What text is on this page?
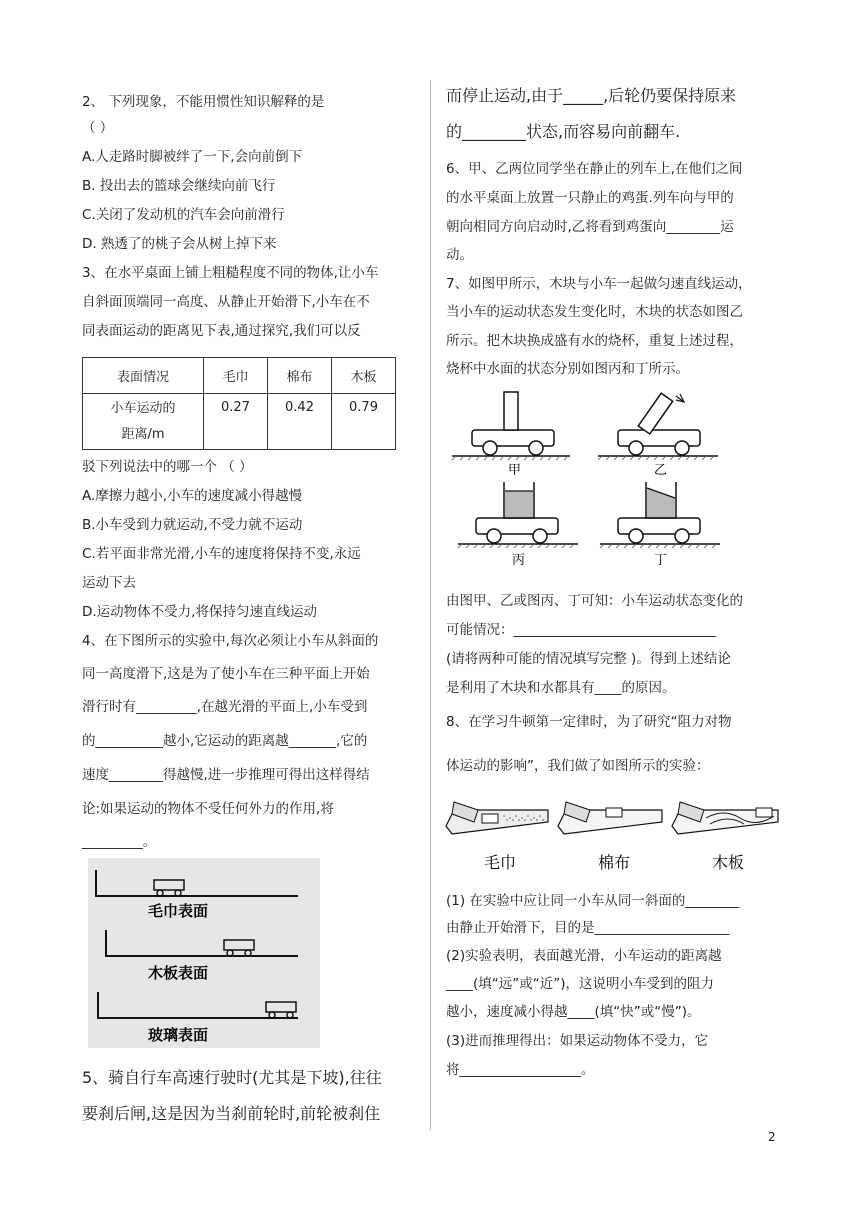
2、 下列现象，不能用惯性知识解释的是
（ ）
A.人走路时脚被绊了一下,会向前倒下
B. 投出去的篮球会继续向前飞行
C.关闭了发动机的汽车会向前滑行
D. 熟透了的桃子会从树上掉下来
3、在水平桌面上铺上粗糙程度不同的物体,让小车
自斜面顶端同一高度、从静止开始滑下,小车在不
同表面运动的距离见下表,通过探究,我们可以反
表面情况	毛巾	棉布	木板
小车运动的
距离/m	0.27	0.42	0.79
驳下列说法中的哪一个 （ ）
A.摩擦力越小,小车的速度减小得越慢
B.小车受到力就运动,不受力就不运动
C.若平面非常光滑,小车的速度将保持不变,永远
运动下去
D.运动物体不受力,将保持匀速直线运动
4、在下图所示的实验中,每次必须让小车从斜面的
同一高度滑下,这是为了使小车在三种平面上开始
滑行时有_________,在越光滑的平面上,小车受到
的__________越小,它运动的距离越_______,它的
速度________得越慢,进一步推理可得出这样得结
论:如果运动的物体不受任何外力的作用,将
_________。
毛巾表面
木板表面
玻璃表面
5、骑自行车高速行驶时(尤其是下坡),往往
要刹后闸,这是因为当刹前轮时,前轮被刹住
而停止运动,由于_____,后轮仍要保持原来
的________状态,而容易向前翻车.
6、甲、乙两位同学坐在静止的列车上,在他们之间
的水平桌面上放置一只静止的鸡蛋.列车向与甲的
朝向相同方向启动时,乙将看到鸡蛋向________运
动。
7、如图甲所示，木块与小车一起做匀速直线运动，
当小车的运动状态发生变化时，木块的状态如图乙
所示。把木块换成盛有水的烧杯，重复上述过程，
烧杯中水面的状态分别如图丙和丁所示。
甲	乙
丙	丁
由图甲、乙或图丙、丁可知：小车运动状态变化的
可能情况：______________________________
(请将两种可能的情况填写完整 )。得到上述结论
是利用了木块和水都具有____的原因。
8、在学习牛顿第一定律时，为了研究“阻力对物
体运动的影响”，我们做了如图所示的实验：
毛巾	棉布	木板
(1) 在实验中应让同一小车从同一斜面的________
由静止开始滑下，目的是____________________
(2)实验表明，表面越光滑，小车运动的距离越
____(填“远”或“近”)，这说明小车受到的阻力
越小，速度减小得越____(填“快”或“慢”)。
(3)进而推理得出：如果运动物体不受力，它
将__________________。
2
